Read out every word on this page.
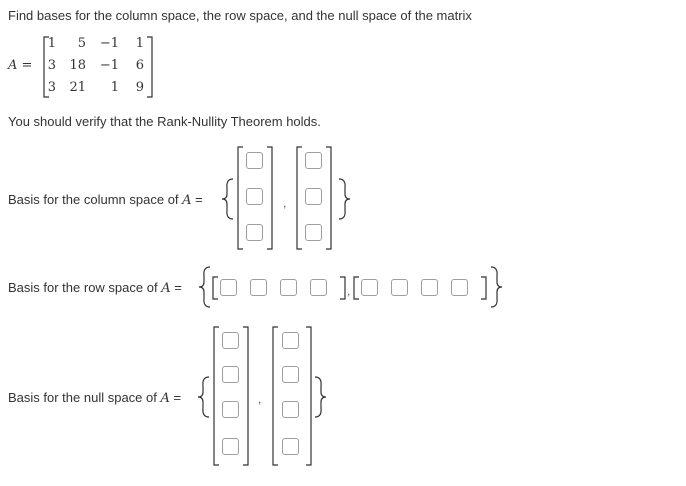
Find bases for the column space, the row space, and the null space of the matrix
A =
1	5	−1	1
3	18	−1	6
3	21	1	9
You should verify that the Rank-Nullity Theorem holds.
Basis for the column space of A =	,
Basis for the row space of A =	,
Basis for the null space of A =	,
